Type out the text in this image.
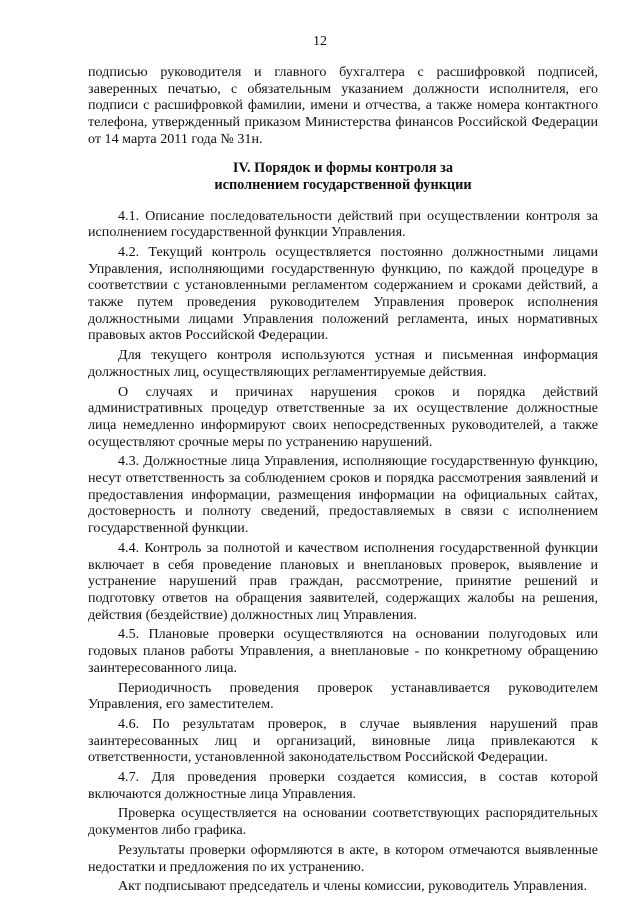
12

подписью руководителя и главного бухгалтера с расшифровкой подписей, заверенных печатью, с обязательным указанием должности исполнителя, его подписи с расшифровкой фамилии, имени и отчества, а также номера контактного телефона, утвержденный приказом Министерства финансов Российской Федерации от 14 марта 2011 года № 31н.

IV. Порядок и формы контроля за
исполнением государственной функции

4.1. Описание последовательности действий при осуществлении контроля за исполнением государственной функции Управления.

4.2. Текущий контроль осуществляется постоянно должностными лицами Управления, исполняющими государственную функцию, по каждой процедуре в соответствии с установленными регламентом содержанием и сроками действий, а также путем проведения руководителем Управления проверок исполнения должностными лицами Управления положений регламента, иных нормативных правовых актов Российской Федерации.

Для текущего контроля используются устная и письменная информация должностных лиц, осуществляющих регламентируемые действия.

О случаях и причинах нарушения сроков и порядка действий административных процедур ответственные за их осуществление должностные лица немедленно информируют своих непосредственных руководителей, а также осуществляют срочные меры по устранению нарушений.

4.3. Должностные лица Управления, исполняющие государственную функцию, несут ответственность за соблюдением сроков и порядка рассмотрения заявлений и предоставления информации, размещения информации на официальных сайтах, достоверность и полноту сведений, предоставляемых в связи с исполнением государственной функции.

4.4. Контроль за полнотой и качеством исполнения государственной функции включает в себя проведение плановых и внеплановых проверок, выявление и устранение нарушений прав граждан, рассмотрение, принятие решений и подготовку ответов на обращения заявителей, содержащих жалобы на решения, действия (бездействие) должностных лиц Управления.

4.5. Плановые проверки осуществляются на основании полугодовых или годовых планов работы Управления, а внеплановые - по конкретному обращению заинтересованного лица.

Периодичность проведения проверок устанавливается руководителем Управления, его заместителем.

4.6. По результатам проверок, в случае выявления нарушений прав заинтересованных лиц и организаций, виновные лица привлекаются к ответственности, установленной законодательством Российской Федерации.

4.7. Для проведения проверки создается комиссия, в состав которой включаются должностные лица Управления.

Проверка осуществляется на основании соответствующих распорядительных документов либо графика.

Результаты проверки оформляются в акте, в котором отмечаются выявленные недостатки и предложения по их устранению.

Акт подписывают председатель и члены комиссии, руководитель Управления.
